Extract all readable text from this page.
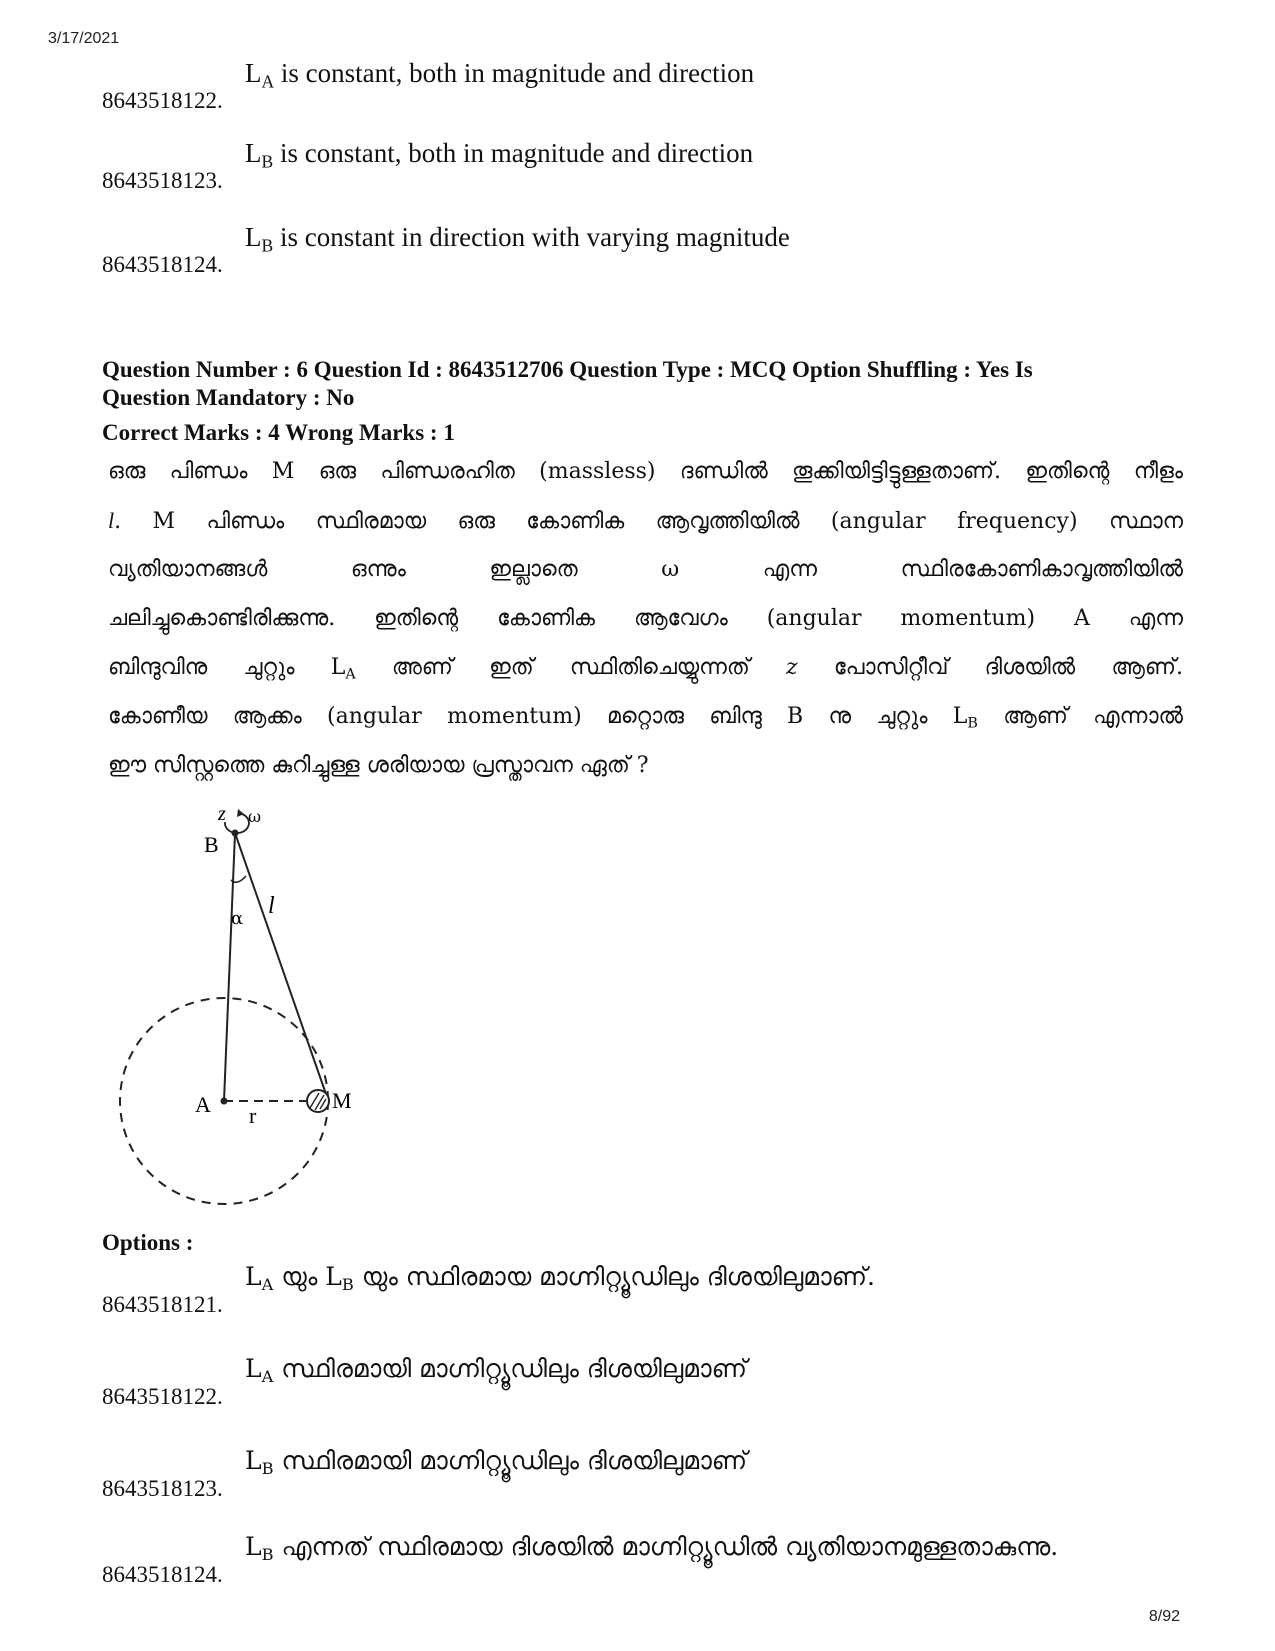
3/17/2021
8643518122.
$L_A$ is constant, both in magnitude and direction
8643518123.
$L_B$ is constant, both in magnitude and direction
8643518124.
$L_B$ is constant in direction with varying magnitude
Question Number : 6 Question Id : 8643512706 Question Type : MCQ Option Shuffling : Yes Is
Question Mandatory : No
Correct Marks : 4 Wrong Marks : 1
ഒരു പിണ്ഡം M ഒരു പിണ്ഡരഹിത (massless) ദണ്ഡിൽ തൂക്കിയിട്ടിട്ടുള്ളതാണ്. ഇതിന്റെ നീളം
l. M പിണ്ഡം സ്ഥിരമായ ഒരു കോണിക ആവൃത്തിയിൽ (angular frequency) സ്ഥാന
വ്യതിയാനങ്ങൾ	ഒന്നും	ഇല്ലാതെ	ω	എന്ന	സ്ഥിരകോണികാവൃത്തിയിൽ
ചലിച്ചുകൊണ്ടിരിക്കുന്നു. ഇതിന്റെ കോണിക ആവേഗം (angular momentum) A എന്ന
ബിന്ദുവിനു ചുറ്റും $L_A$ അണ് ഇത് സ്ഥിതിചെയ്യുന്നത് z പോസിറ്റീവ് ദിശയിൽ ആണ്.
കോണീയ ആക്കം (angular momentum) മറ്റൊരു ബിന്ദു B നു ചുറ്റും $L_B$ ആണ് എന്നാൽ
ഈ സിസ്റ്റത്തെ കുറിച്ചുള്ള ശരിയായ പ്രസ്താവന ഏത് ?
z ω
B
l
α
A r
M
Options :
8643518121.
$L_A$ യും $L_B$ യും സ്ഥിരമായ മാഗ്നിറ്റ്യൂഡിലും ദിശയിലുമാണ്.
8643518122.
$L_A$ സ്ഥിരമായി മാഗ്നിറ്റ്യൂഡിലും ദിശയിലുമാണ്
8643518123.
$L_B$ സ്ഥിരമായി മാഗ്നിറ്റ്യൂഡിലും ദിശയിലുമാണ്
8643518124.
$L_B$ എന്നത് സ്ഥിരമായ ദിശയിൽ മാഗ്നിറ്റ്യൂഡിൽ വ്യതിയാനമുള്ളതാകുന്നു.
8/92
